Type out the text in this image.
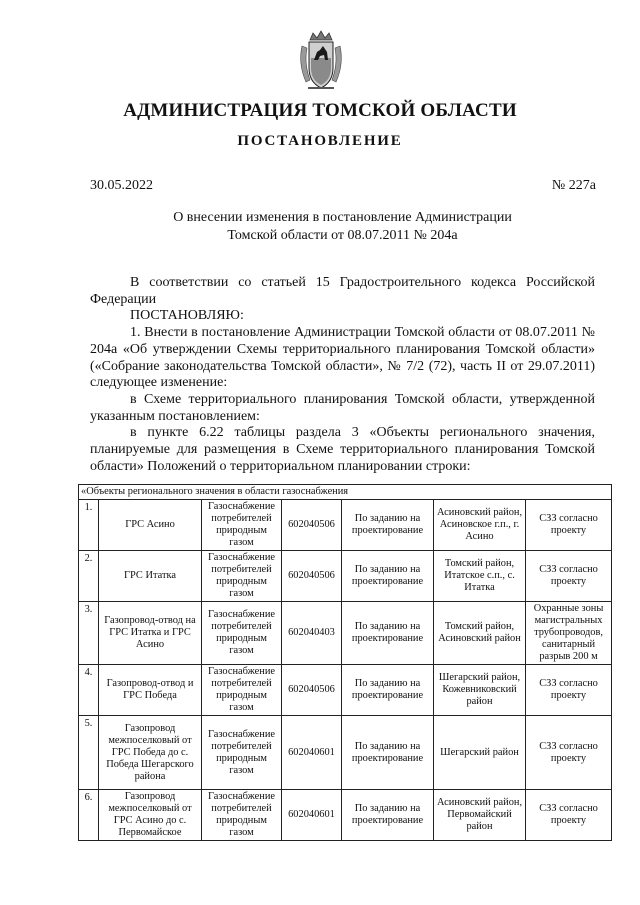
АДМИНИСТРАЦИЯ ТОМСКОЙ ОБЛАСТИ
ПОСТАНОВЛЕНИЕ
30.05.2022	№ 227а
О внесении изменения в постановление Администрации
Томской области от 08.07.2011 № 204а

В соответствии со статьей 15 Градостроительного кодекса Российской Федерации

ПОСТАНОВЛЯЮ:

1. Внести в постановление Администрации Томской области от 08.07.2011 № 204а «Об утверждении Схемы территориального планирования Томской области» («Собрание законодательства Томской области», № 7/2 (72), часть II от 29.07.2011) следующее изменение:

в Схеме территориального планирования Томской области, утвержденной указанным постановлением:

в пункте 6.22 таблицы раздела 3 «Объекты регионального значения, планируемые для размещения в Схеме территориального планирования Томской области» Положений о территориальном планировании строки:

«Объекты регионального значения в области газоснабжения						
1.	ГРС Асино	Газоснабжение потребителей природным газом	602040506	По заданию на проектирование	Асиновский район, Асиновское г.п., г. Асино	СЗЗ согласно проекту
2.	ГРС Итатка	Газоснабжение потребителей природным газом	602040506	По заданию на проектирование	Томский район, Итатское с.п., с. Итатка	СЗЗ согласно проекту
3.	Газопровод-отвод на ГРС Итатка и ГРС Асино	Газоснабжение потребителей природным газом	602040403	По заданию на проектирование	Томский район, Асиновский район	Охранные зоны магистральных трубопроводов, санитарный разрыв 200 м
4.	Газопровод-отвод и ГРС Победа	Газоснабжение потребителей природным газом	602040506	По заданию на проектирование	Шегарский район, Кожевниковский район	СЗЗ согласно проекту
5.	Газопровод межпоселковый от ГРС Победа до с. Победа Шегарского района	Газоснабжение потребителей природным газом	602040601	По заданию на проектирование	Шегарский район	СЗЗ согласно проекту
6.	Газопровод межпоселковый от ГРС Асино до с. Первомайское	Газоснабжение потребителей природным газом	602040601	По заданию на проектирование	Асиновский район, Первомайский район	СЗЗ согласно проекту
